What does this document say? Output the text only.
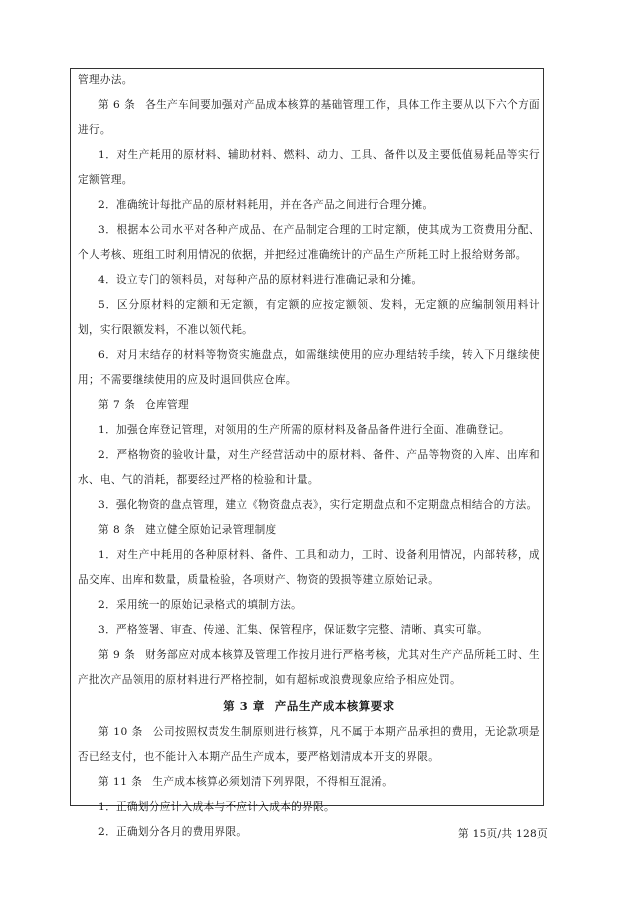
管理办法。

第 6 条 各生产车间要加强对产品成本核算的基础管理工作，具体工作主要从以下六个方面进行。

1．对生产耗用的原材料、辅助材料、燃料、动力、工具、备件以及主要低值易耗品等实行定额管理。

2．准确统计每批产品的原材料耗用，并在各产品之间进行合理分摊。

3．根据本公司水平对各种产成品、在产品制定合理的工时定额，使其成为工资费用分配、个人考核、班组工时利用情况的依据，并把经过准确统计的产品生产所耗工时上报给财务部。

4．设立专门的领料员，对每种产品的原材料进行准确记录和分摊。

5．区分原材料的定额和无定额，有定额的应按定额领、发料，无定额的应编制领用料计划，实行限额发料，不准以领代耗。

6．对月末结存的材料等物资实施盘点，如需继续使用的应办理结转手续，转入下月继续使用；不需要继续使用的应及时退回供应仓库。

第 7 条 仓库管理

1．加强仓库登记管理，对领用的生产所需的原材料及备品备件进行全面、准确登记。

2．严格物资的验收计量，对生产经营活动中的原材料、备件、产品等物资的入库、出库和水、电、气的消耗，都要经过严格的检验和计量。

3．强化物资的盘点管理，建立《物资盘点表》，实行定期盘点和不定期盘点相结合的方法。

第 8 条 建立健全原始记录管理制度

1．对生产中耗用的各种原材料、备件、工具和动力，工时、设备利用情况，内部转移，成品交库、出库和数量，质量检验，各项财产、物资的毁损等建立原始记录。

2．采用统一的原始记录格式的填制方法。

3．严格签署、审查、传递、汇集、保管程序，保证数字完整、清晰、真实可靠。

第 9 条 财务部应对成本核算及管理工作按月进行严格考核，尤其对生产产品所耗工时、生产批次产品领用的原材料进行严格控制，如有超标或浪费现象应给予相应处罚。

第 3 章 产品生产成本核算要求

第 10 条 公司按照权责发生制原则进行核算，凡不属于本期产品承担的费用，无论款项是否已经支付，也不能计入本期产品生产成本，要严格划清成本开支的界限。

第 11 条 生产成本核算必须划清下列界限，不得相互混淆。

1．正确划分应计入成本与不应计入成本的界限。

2．正确划分各月的费用界限。	第 15页/共 128页
